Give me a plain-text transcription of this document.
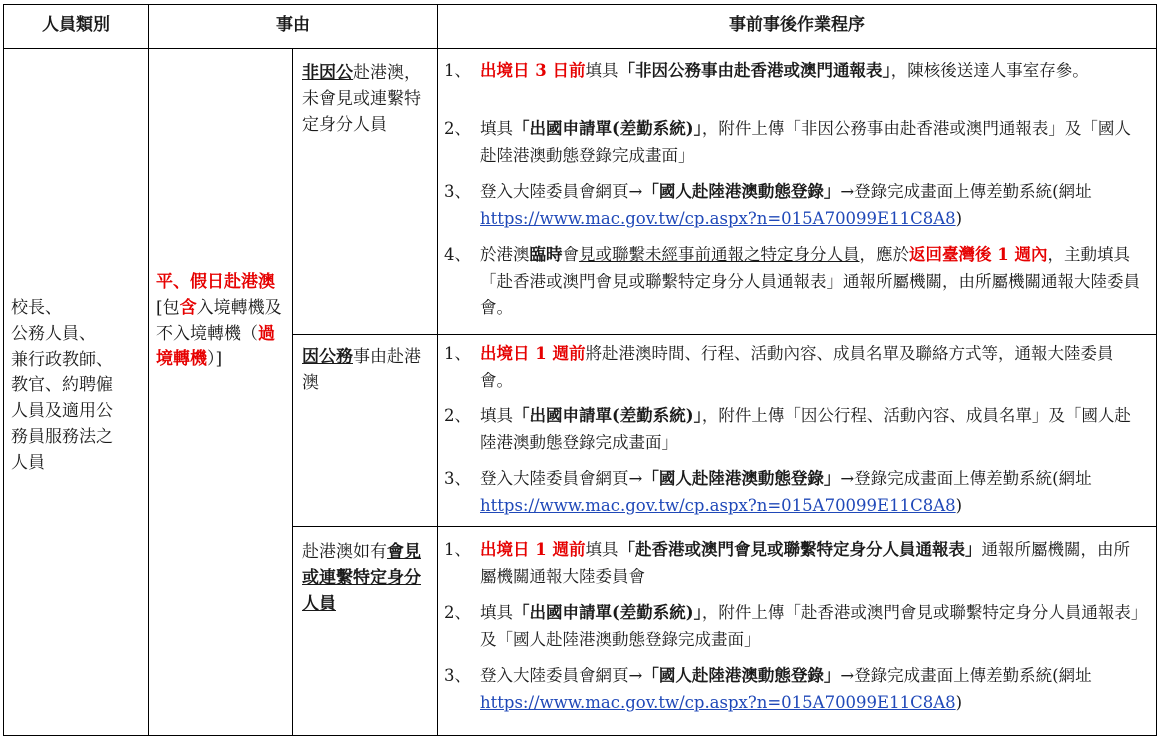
人員類別	事由	事前事後作業程序
校長、
公務人員、
兼行政教師、
教官、約聘僱
人員及適用公
務員服務法之
人員
平、假日赴港澳[包含入境轉機及不入境轉機（過境轉機）]
非因公赴港澳，未會見或連繫特定身分人員
因公務事由赴港澳
赴港澳如有會見或連繫特定身分人員
1、 出境日 3 日前填具「非因公務事由赴香港或澳門通報表」，陳核後送達人事室存參。
2、 填具「出國申請單(差勤系統)」，附件上傳「非因公務事由赴香港或澳門通報表」及「國人赴陸港澳動態登錄完成畫面」
3、 登入大陸委員會網頁→「國人赴陸港澳動態登錄」→登錄完成畫面上傳差勤系統(網址 https://www.mac.gov.tw/cp.aspx?n=015A70099E11C8A8)
4、 於港澳臨時會見或聯繫未經事前通報之特定身分人員，應於返回臺灣後 1 週內，主動填具「赴香港或澳門會見或聯繫特定身分人員通報表」通報所屬機關，由所屬機關通報大陸委員會。
1、 出境日 1 週前將赴港澳時間、行程、活動內容、成員名單及聯絡方式等，通報大陸委員會。
2、 填具「出國申請單(差勤系統)」，附件上傳「因公行程、活動內容、成員名單」及「國人赴陸港澳動態登錄完成畫面」
3、 登入大陸委員會網頁→「國人赴陸港澳動態登錄」→登錄完成畫面上傳差勤系統(網址 https://www.mac.gov.tw/cp.aspx?n=015A70099E11C8A8)
1、 出境日 1 週前填具「赴香港或澳門會見或聯繫特定身分人員通報表」通報所屬機關，由所屬機關通報大陸委員會
2、 填具「出國申請單(差勤系統)」，附件上傳「赴香港或澳門會見或聯繫特定身分人員通報表」及「國人赴陸港澳動態登錄完成畫面」
3、 登入大陸委員會網頁→「國人赴陸港澳動態登錄」→登錄完成畫面上傳差勤系統(網址 https://www.mac.gov.tw/cp.aspx?n=015A70099E11C8A8)
